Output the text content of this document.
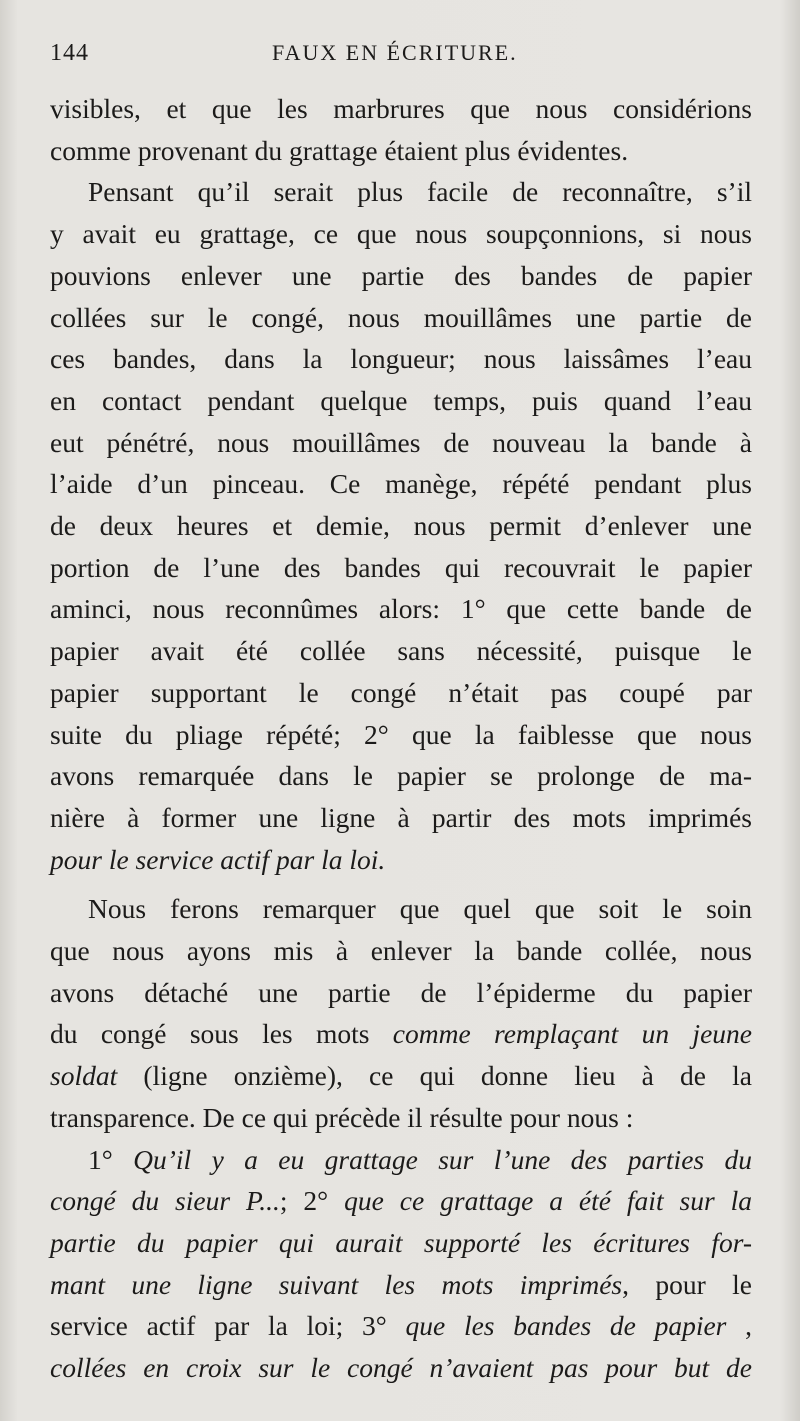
144	FAUX EN ÉCRITURE.
visibles, et que les marbrures que nous considérions
comme provenant du grattage étaient plus évidentes.
Pensant qu’il serait plus facile de reconnaître, s’il
y avait eu grattage, ce que nous soupçonnions, si nous
pouvions enlever une partie des bandes de papier
collées sur le congé, nous mouillâmes une partie de
ces bandes, dans la longueur; nous laissâmes l’eau
en contact pendant quelque temps, puis quand l’eau
eut pénétré, nous mouillâmes de nouveau la bande à
l’aide d’un pinceau. Ce manège, répété pendant plus
de deux heures et demie, nous permit d’enlever une
portion de l’une des bandes qui recouvrait le papier
aminci, nous reconnûmes alors: 1° que cette bande de
papier avait été collée sans nécessité, puisque le
papier supportant le congé n’était pas coupé par
suite du pliage répété; 2° que la faiblesse que nous
avons remarquée dans le papier se prolonge de ma-
nière à former une ligne à partir des mots imprimés
pour le service actif par la loi.
Nous ferons remarquer que quel que soit le soin
que nous ayons mis à enlever la bande collée, nous
avons détaché une partie de l’épiderme du papier
du congé sous les mots comme remplaçant un jeune
soldat (ligne onzième), ce qui donne lieu à de la
transparence. De ce qui précède il résulte pour nous :
1° Qu’il y a eu grattage sur l’une des parties du
congé du sieur P...; 2° que ce grattage a été fait sur la
partie du papier qui aurait supporté les écritures for-
mant une ligne suivant les mots imprimés, pour le
service actif par la loi; 3° que les bandes de papier ,
collées en croix sur le congé n’avaient pas pour but de
